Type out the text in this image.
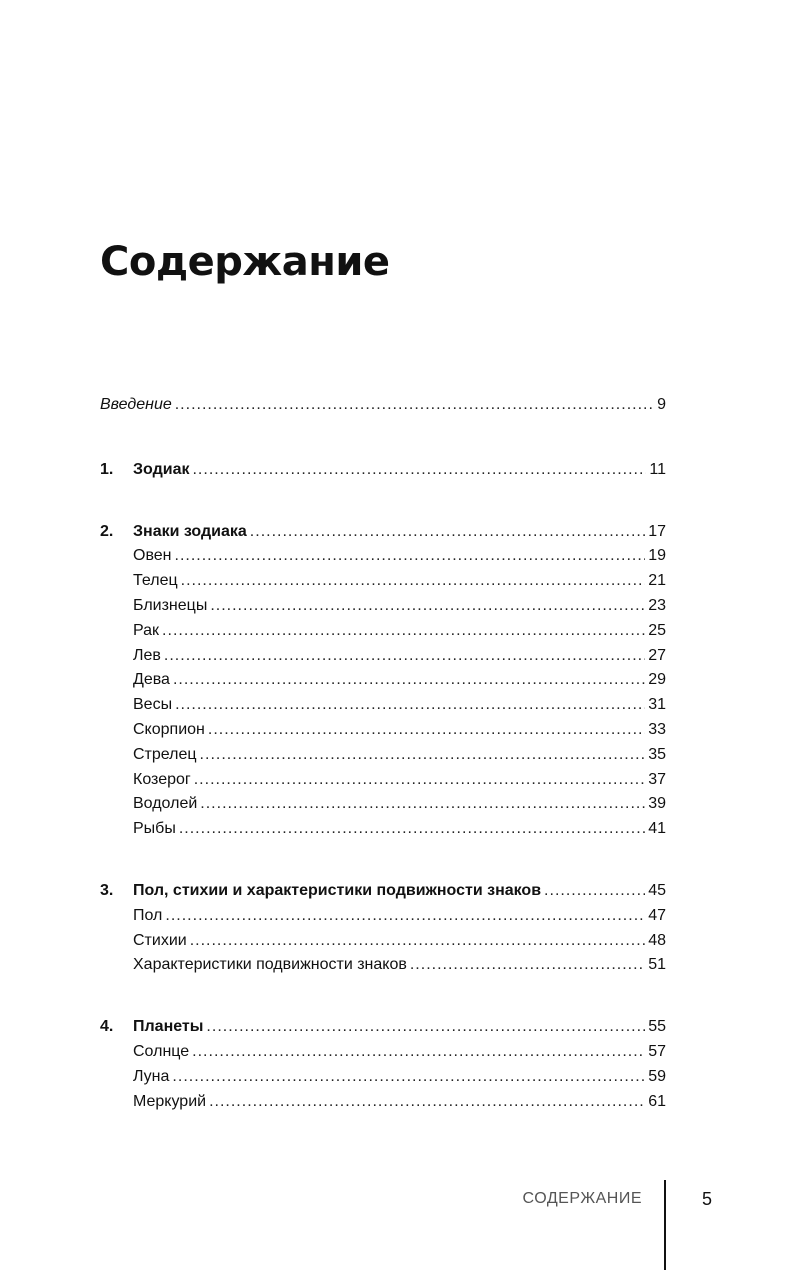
Содержание
Введение .....	9
1.	Зодиак .....	11
2.	Знаки зодиака .....	17
Овен .....	19
Телец .....	21
Близнецы .....	23
Рак .....	25
Лев .....	27
Дева .....	29
Весы .....	31
Скорпион .....	33
Стрелец .....	35
Козерог .....	37
Водолей .....	39
Рыбы .....	41
3.	Пол, стихии и характеристики подвижности знаков .....	45
Пол .....	47
Стихии .....	48
Характеристики подвижности знаков .....	51
4.	Планеты .....	55
Солнце .....	57
Луна .....	59
Меркурий .....	61

СОДЕРЖАНИЕ	5
